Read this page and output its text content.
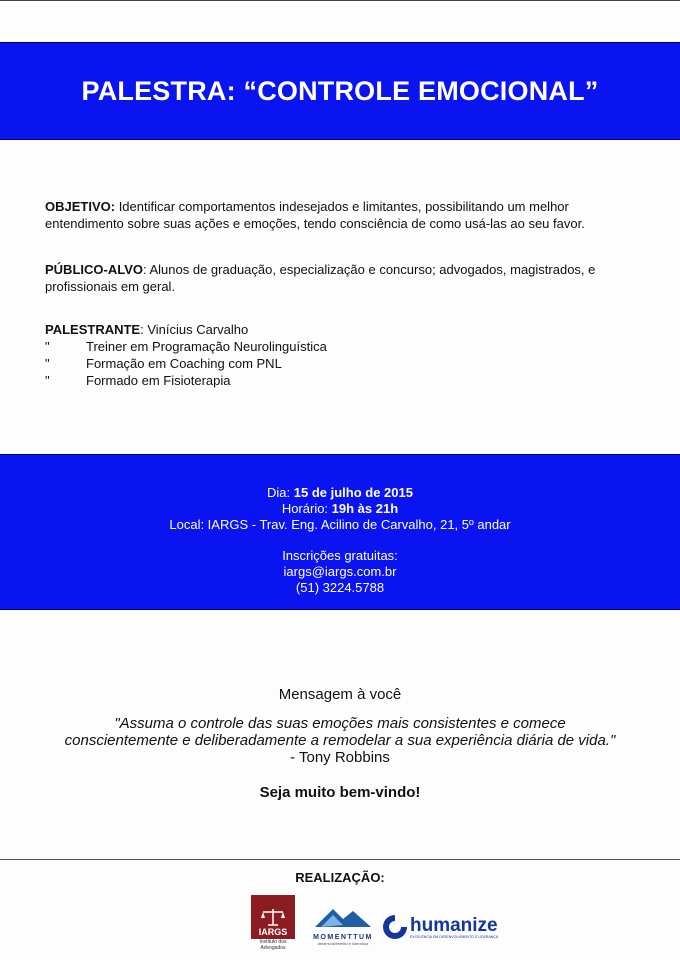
PALESTRA: “CONTROLE EMOCIONAL”
OBJETIVO: Identificar comportamentos indesejados e limitantes, possibilitando um melhor entendimento sobre suas ações e emoções, tendo consciência de como usá-las ao seu favor.
PÚBLICO-ALVO: Alunos de graduação, especialização e concurso; advogados, magistrados, e profissionais em geral.
PALESTRANTE: Vinícius Carvalho
"	Treiner em Programação Neurolinguística
"	Formação em Coaching com PNL
"	Formado em Fisioterapia
Dia: 15 de julho de 2015
Horário: 19h às 21h
Local: IARGS - Trav. Eng. Acilino de Carvalho, 21, 5º andar
Inscrições gratuitas:
iargs@iargs.com.br
(51) 3224.5788
Mensagem à você
"Assuma o controle das suas emoções mais consistentes e comece
conscientemente e deliberadamente a remodelar a sua experiência diária de vida."
- Tony Robbins
Seja muito bem-vindo!
REALIZAÇÃO:
IARGS
Instituto dos Advogados
MOMENTTUM
desenvolvimento e liderança
humanize
EXCELÊNCIA EM DESENVOLVIMENTO E LIDERANÇA
